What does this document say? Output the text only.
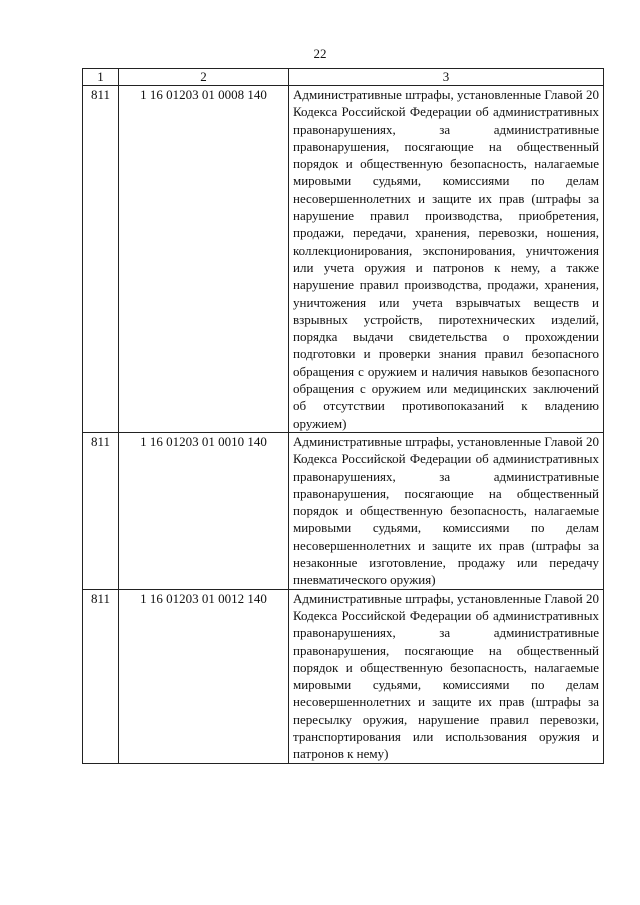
22
1	2	3
811	1 16 01203 01 0008 140	Административные штрафы, установленные Главой 20 Кодекса Российской Федерации об административных правонарушениях, за административные правонарушения, посягающие на общественный порядок и общественную безопасность, налагаемые мировыми судьями, комиссиями по делам несовершеннолетних и защите их прав (штрафы за нарушение правил производства, приобретения, продажи, передачи, хранения, перевозки, ношения, коллекционирования, экспонирования, уничтожения или учета оружия и патронов к нему, а также нарушение правил производства, продажи, хранения, уничтожения или учета взрывчатых веществ и взрывных устройств, пиротехнических изделий, порядка выдачи свидетельства о прохождении подготовки и проверки знания правил безопасного обращения с оружием и наличия навыков безопасного обращения с оружием или медицинских заключений об отсутствии противопоказаний к владению оружием)
811	1 16 01203 01 0010 140	Административные штрафы, установленные Главой 20 Кодекса Российской Федерации об административных правонарушениях, за административные правонарушения, посягающие на общественный порядок и общественную безопасность, налагаемые мировыми судьями, комиссиями по делам несовершеннолетних и защите их прав (штрафы за незаконные изготовление, продажу или передачу пневматического оружия)
811	1 16 01203 01 0012 140	Административные штрафы, установленные Главой 20 Кодекса Российской Федерации об административных правонарушениях, за административные правонарушения, посягающие на общественный порядок и общественную безопасность, налагаемые мировыми судьями, комиссиями по делам несовершеннолетних и защите их прав (штрафы за пересылку оружия, нарушение правил перевозки, транспортирования или использования оружия и патронов к нему)
